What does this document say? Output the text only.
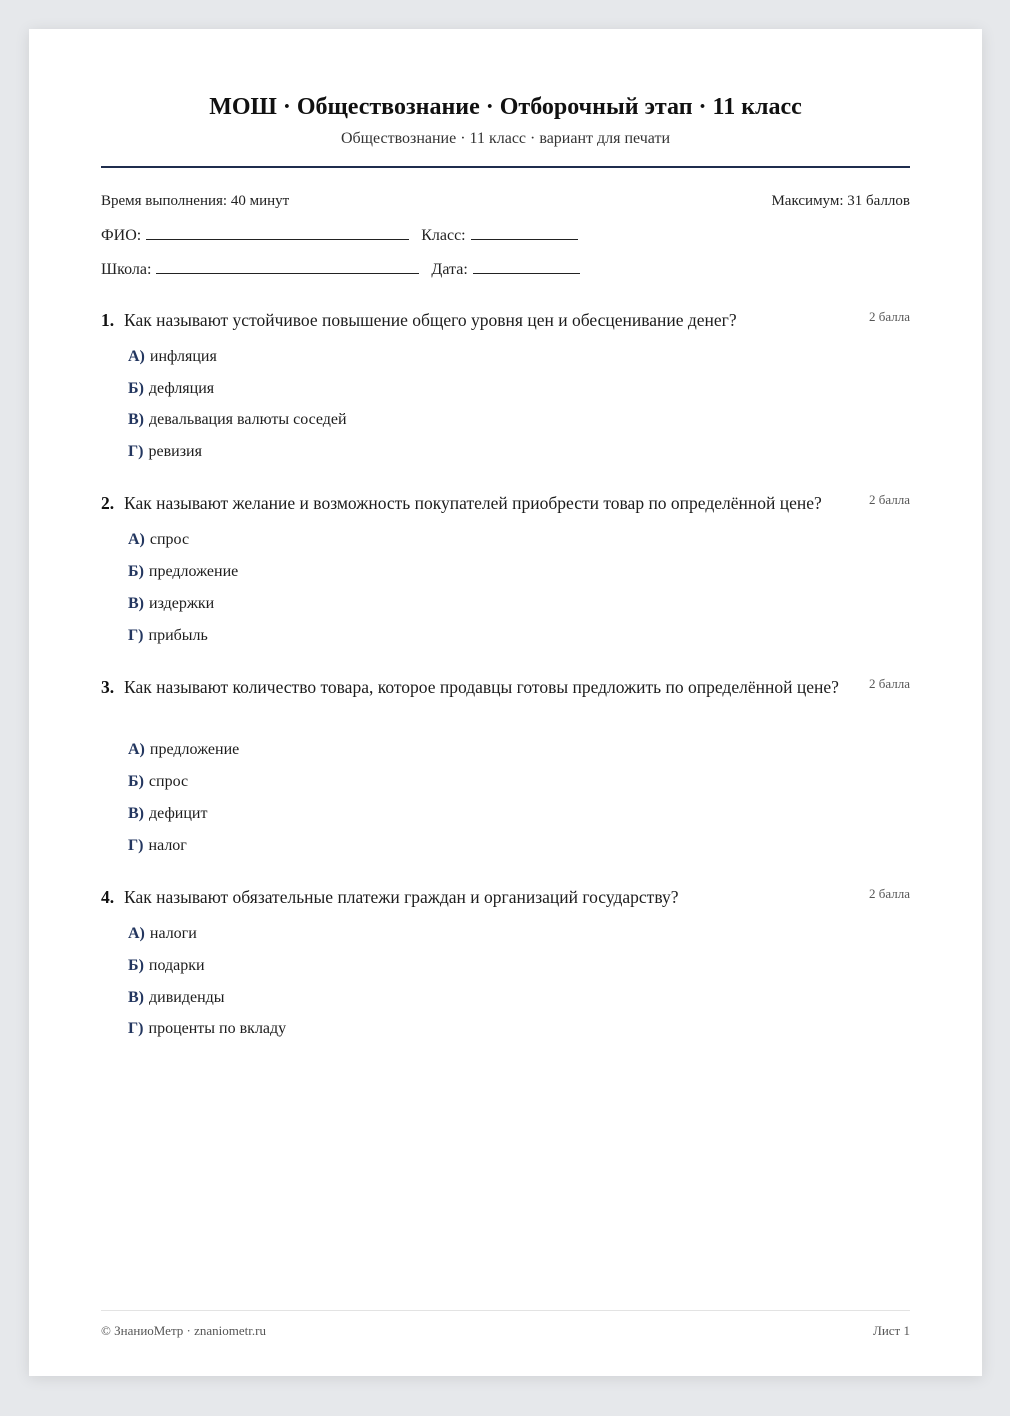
МОШ · Обществознание · Отборочный этап · 11 класс
Обществознание · 11 класс · вариант для печати
Время выполнения: 40 минут	Максимум: 31 баллов
ФИО:	Класс:
Школа:	Дата:
1. Как называют устойчивое повышение общего уровня цен и обесценивание денег?	2 балла
А) инфляция
Б) дефляция
В) девальвация валюты соседей
Г) ревизия
2. Как называют желание и возможность покупателей приобрести товар по определённой цене?	2 балла
А) спрос
Б) предложение
В) издержки
Г) прибыль
3. Как называют количество товара, которое продавцы готовы предложить по определённой цене?	2 балла
А) предложение
Б) спрос
В) дефицит
Г) налог
4. Как называют обязательные платежи граждан и организаций государству?	2 балла
А) налоги
Б) подарки
В) дивиденды
Г) проценты по вкладу
© ЗнаниоМетр · znaniometr.ru	Лист 1
